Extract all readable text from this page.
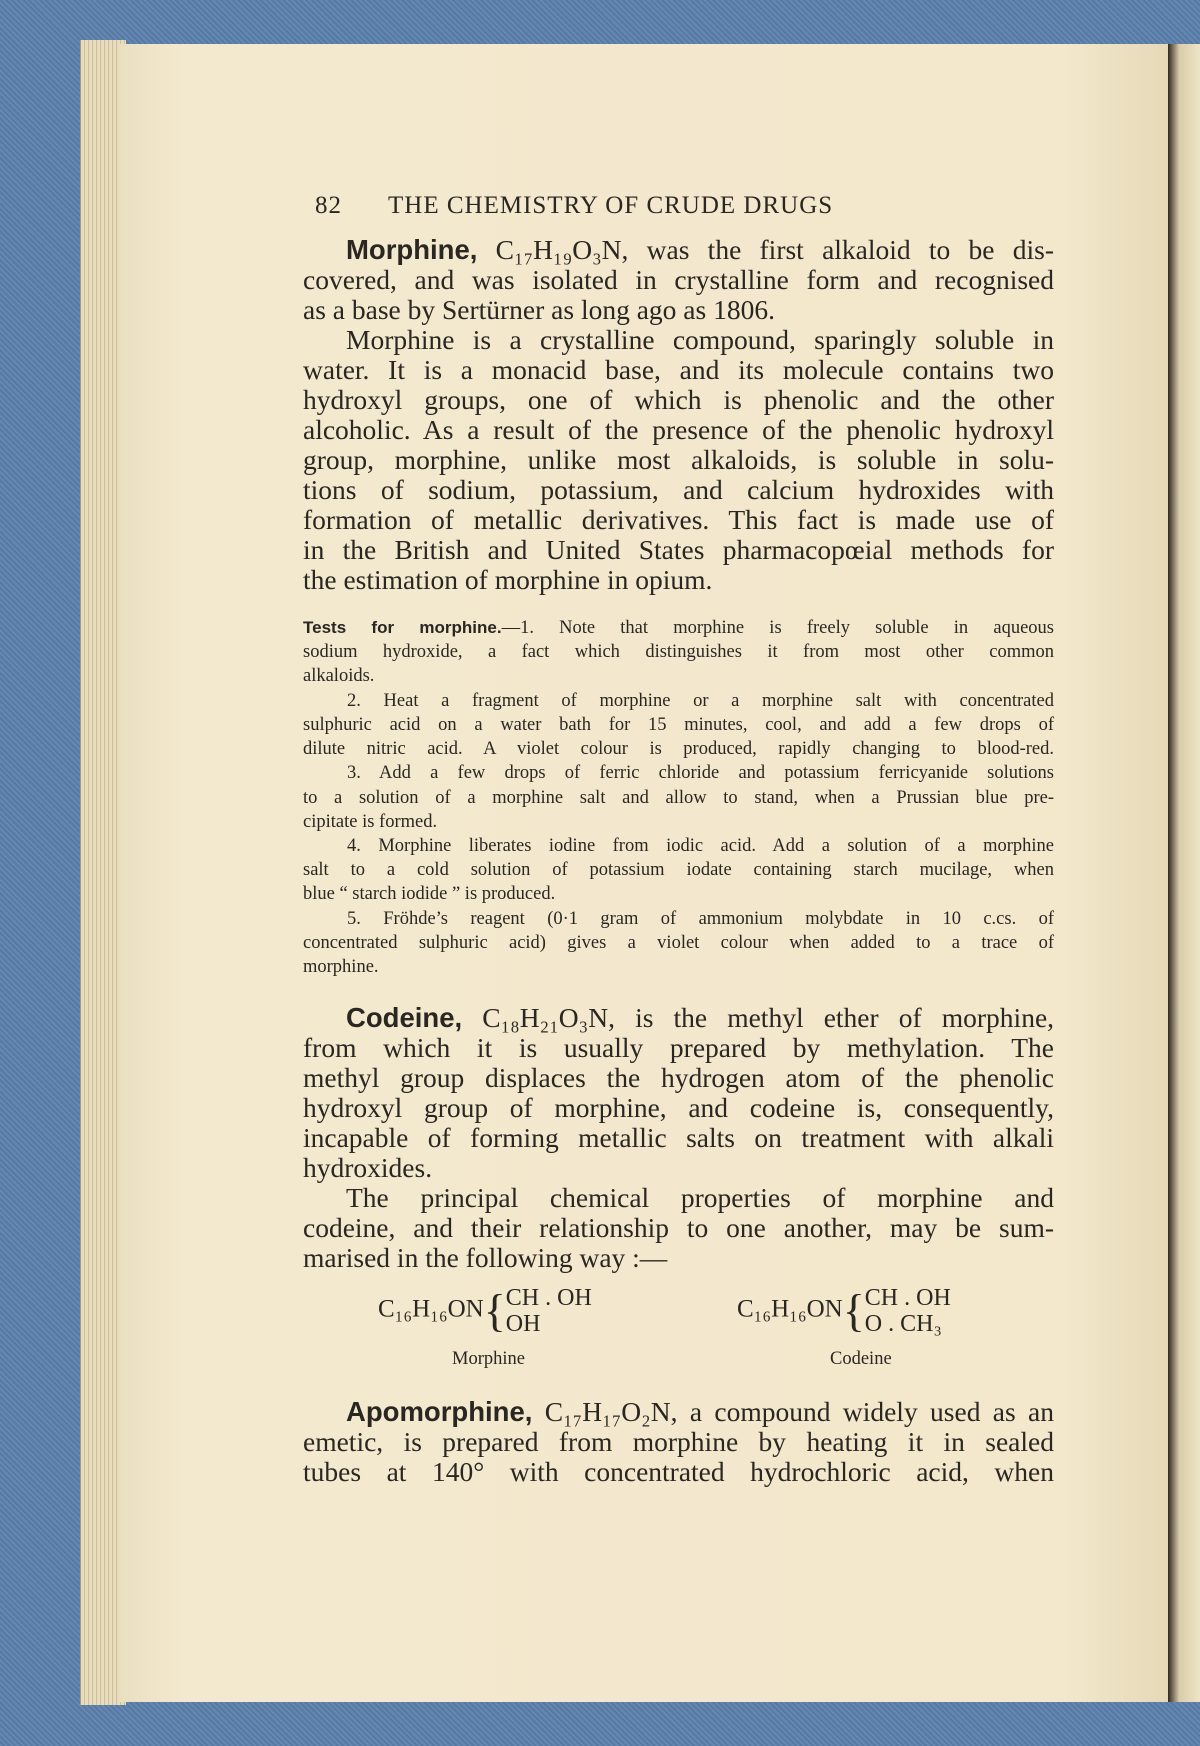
82 THE CHEMISTRY OF CRUDE DRUGS
Morphine, C₁₇H₁₉O₃N, was the first alkaloid to be dis-
covered, and was isolated in crystalline form and recognised
as a base by Sertürner as long ago as 1806.
Morphine is a crystalline compound, sparingly soluble in
water. It is a monacid base, and its molecule contains two
hydroxyl groups, one of which is phenolic and the other
alcoholic. As a result of the presence of the phenolic hydroxyl
group, morphine, unlike most alkaloids, is soluble in solu-
tions of sodium, potassium, and calcium hydroxides with
formation of metallic derivatives. This fact is made use of
in the British and United States pharmacopœial methods for
the estimation of morphine in opium.
Tests for morphine.—1. Note that morphine is freely soluble in aqueous
sodium hydroxide, a fact which distinguishes it from most other common
alkaloids.
2. Heat a fragment of morphine or a morphine salt with concentrated
sulphuric acid on a water bath for 15 minutes, cool, and add a few drops of
dilute nitric acid. A violet colour is produced, rapidly changing to blood-red.
3. Add a few drops of ferric chloride and potassium ferricyanide solutions
to a solution of a morphine salt and allow to stand, when a Prussian blue pre-
cipitate is formed.
4. Morphine liberates iodine from iodic acid. Add a solution of a morphine
salt to a cold solution of potassium iodate containing starch mucilage, when
blue “ starch iodide ” is produced.
5. Fröhde’s reagent (0·1 gram of ammonium molybdate in 10 c.cs. of
concentrated sulphuric acid) gives a violet colour when added to a trace of
morphine.
Codeine, C₁₈H₂₁O₃N, is the methyl ether of morphine,
from which it is usually prepared by methylation. The
methyl group displaces the hydrogen atom of the phenolic
hydroxyl group of morphine, and codeine is, consequently,
incapable of forming metallic salts on treatment with alkali
hydroxides.
The principal chemical properties of morphine and
codeine, and their relationship to one another, may be sum-
marised in the following way :—
C₁₆H₁₆ON{CH . OH
OH
Morphine
C₁₆H₁₆ON{CH . OH
O . CH₃
Codeine
Apomorphine, C₁₇H₁₇O₂N, a compound widely used as an
emetic, is prepared from morphine by heating it in sealed
tubes at 140° with concentrated hydrochloric acid, when
